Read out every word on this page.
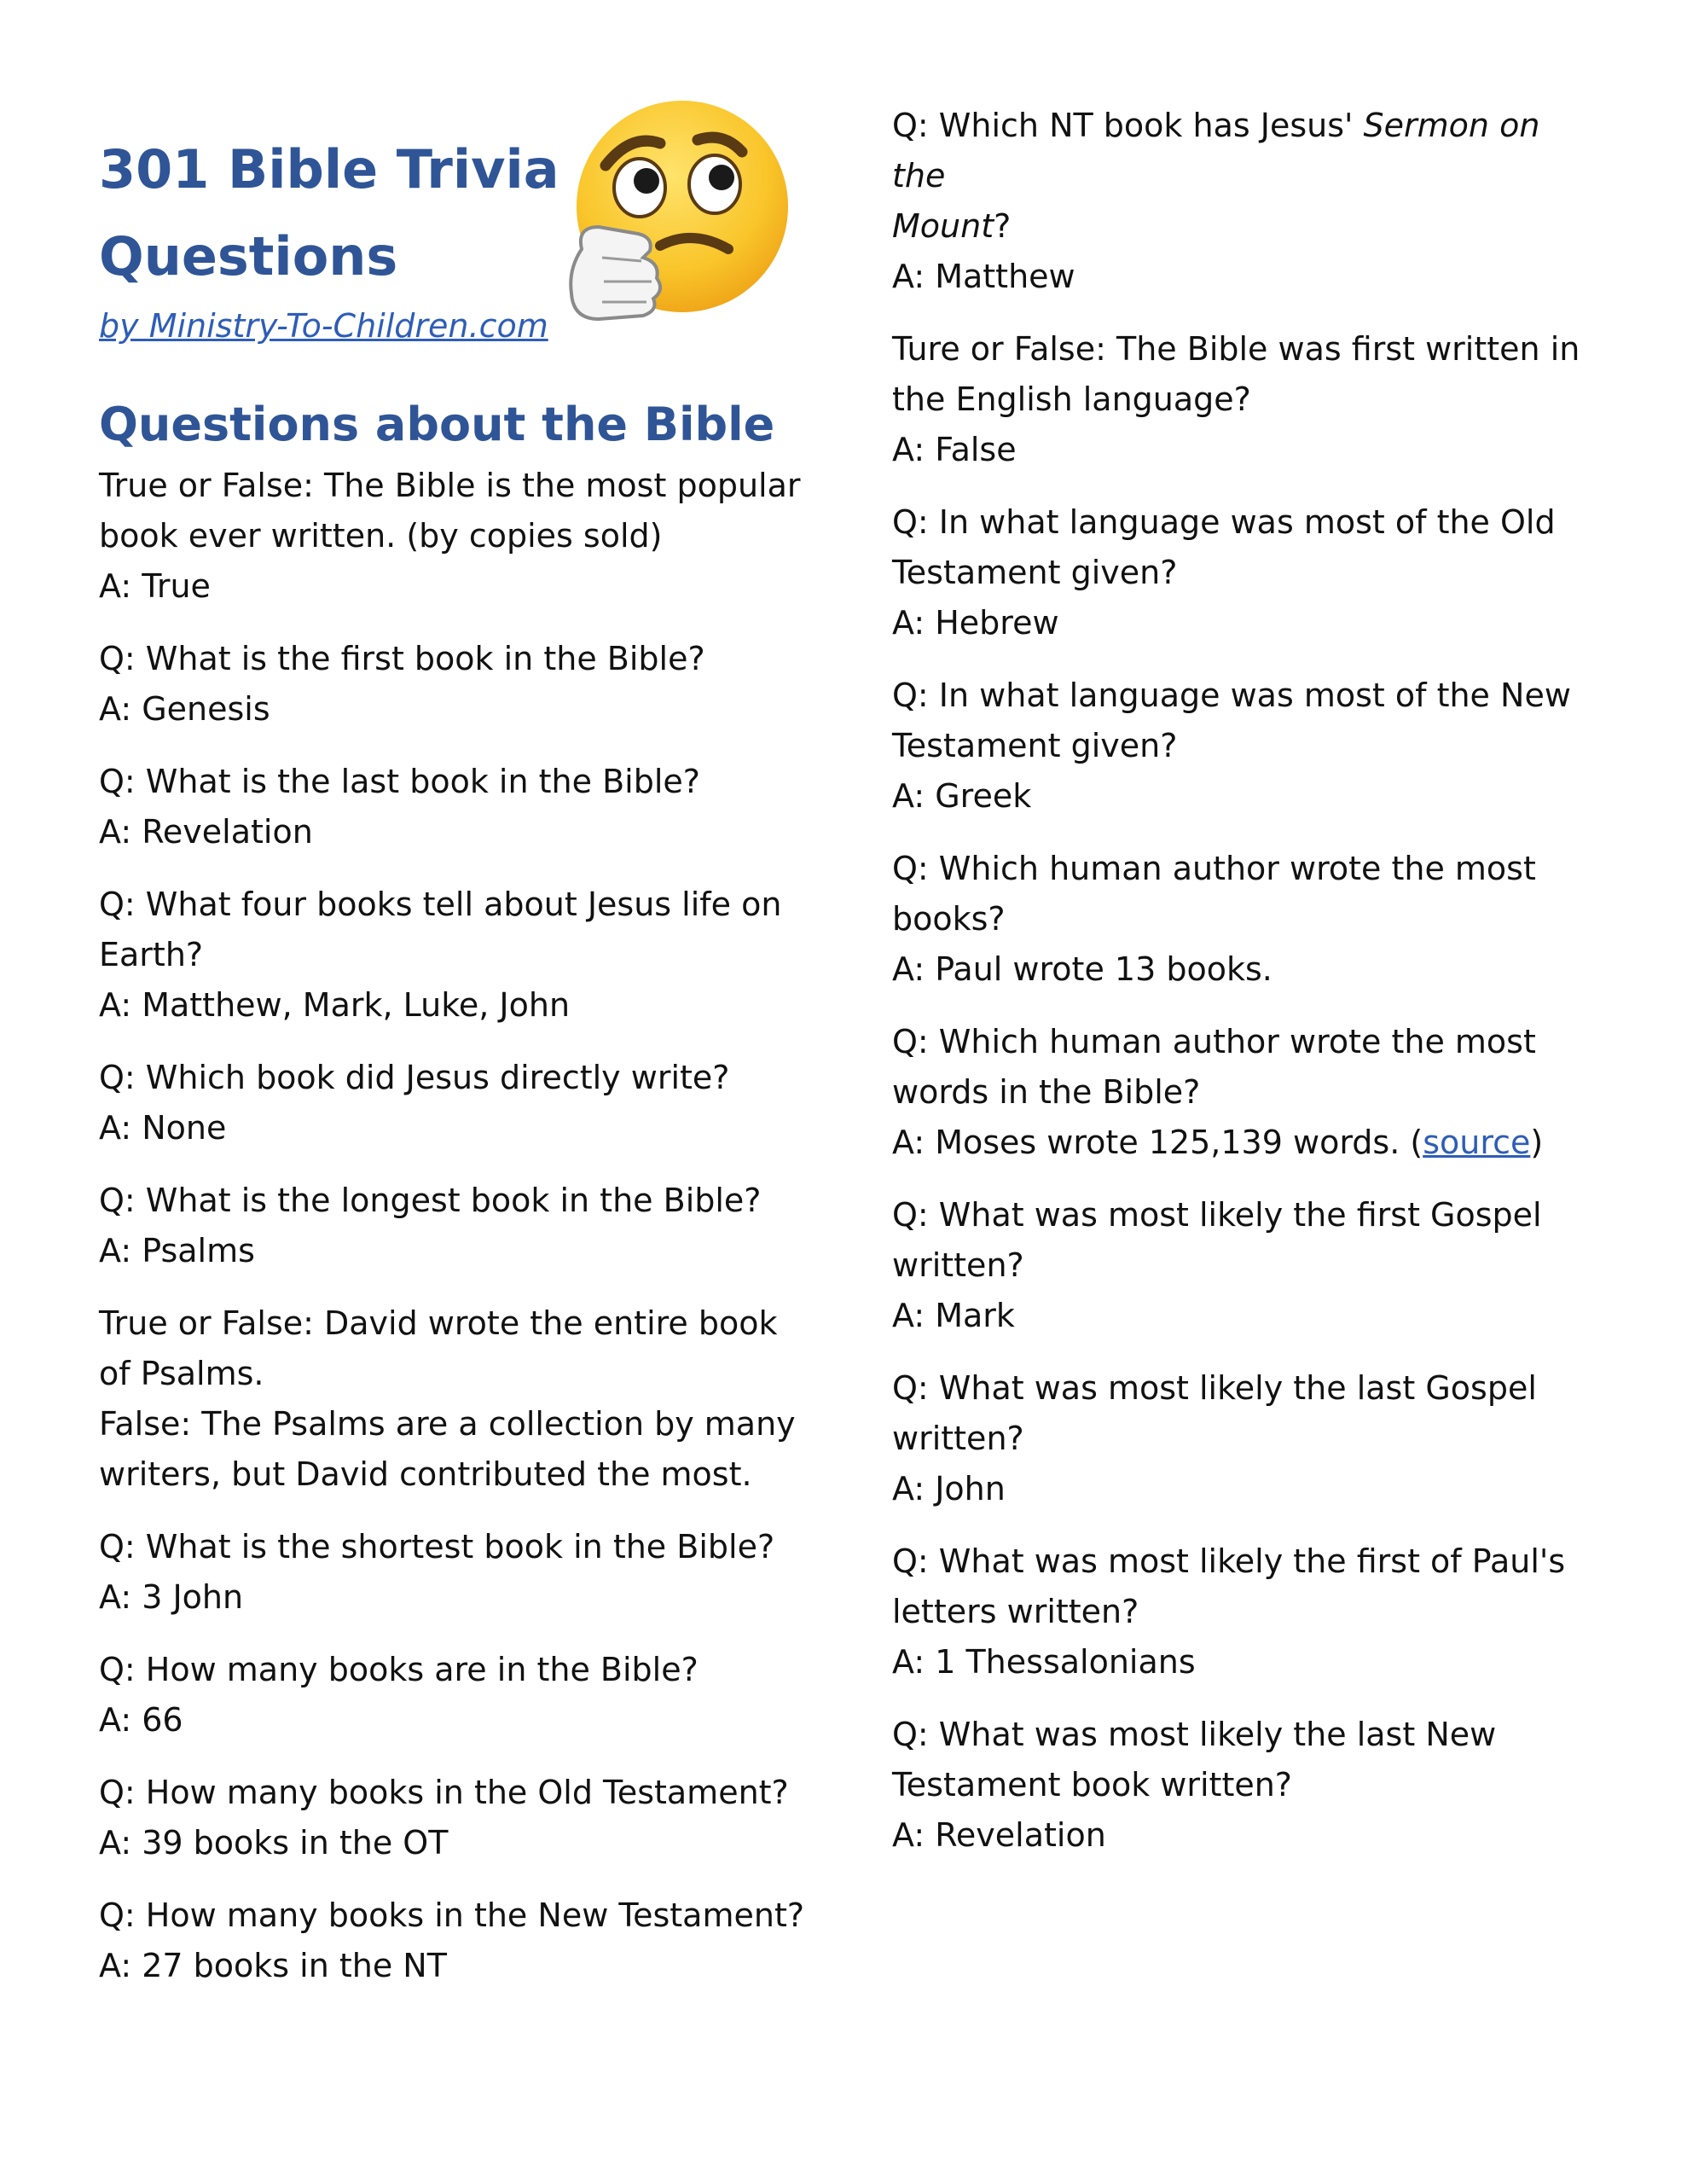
301 Bible Trivia
Questions
by Ministry-To-Children.com
Questions about the Bible

True or False: The Bible is the most popular
book ever written. (by copies sold)
A: True

Q: What is the first book in the Bible?
A: Genesis

Q: What is the last book in the Bible?
A: Revelation

Q: What four books tell about Jesus life on
Earth?
A: Matthew, Mark, Luke, John

Q: Which book did Jesus directly write?
A: None

Q: What is the longest book in the Bible?
A: Psalms

True or False: David wrote the entire book
of Psalms.
False: The Psalms are a collection by many
writers, but David contributed the most.

Q: What is the shortest book in the Bible?
A: 3 John

Q: How many books are in the Bible?
A: 66

Q: How many books in the Old Testament?
A: 39 books in the OT

Q: How many books in the New Testament?
A: 27 books in the NT

Q: Which NT book has Jesus' Sermon on the
Mount?
A: Matthew

Ture or False: The Bible was first written in
the English language?
A: False

Q: In what language was most of the Old
Testament given?
A: Hebrew

Q: In what language was most of the New
Testament given?
A: Greek

Q: Which human author wrote the most
books?
A: Paul wrote 13 books.

Q: Which human author wrote the most
words in the Bible?
A: Moses wrote 125,139 words. (source)

Q: What was most likely the first Gospel
written?
A: Mark

Q: What was most likely the last Gospel
written?
A: John

Q: What was most likely the first of Paul's
letters written?
A: 1 Thessalonians

Q: What was most likely the last New
Testament book written?
A: Revelation
